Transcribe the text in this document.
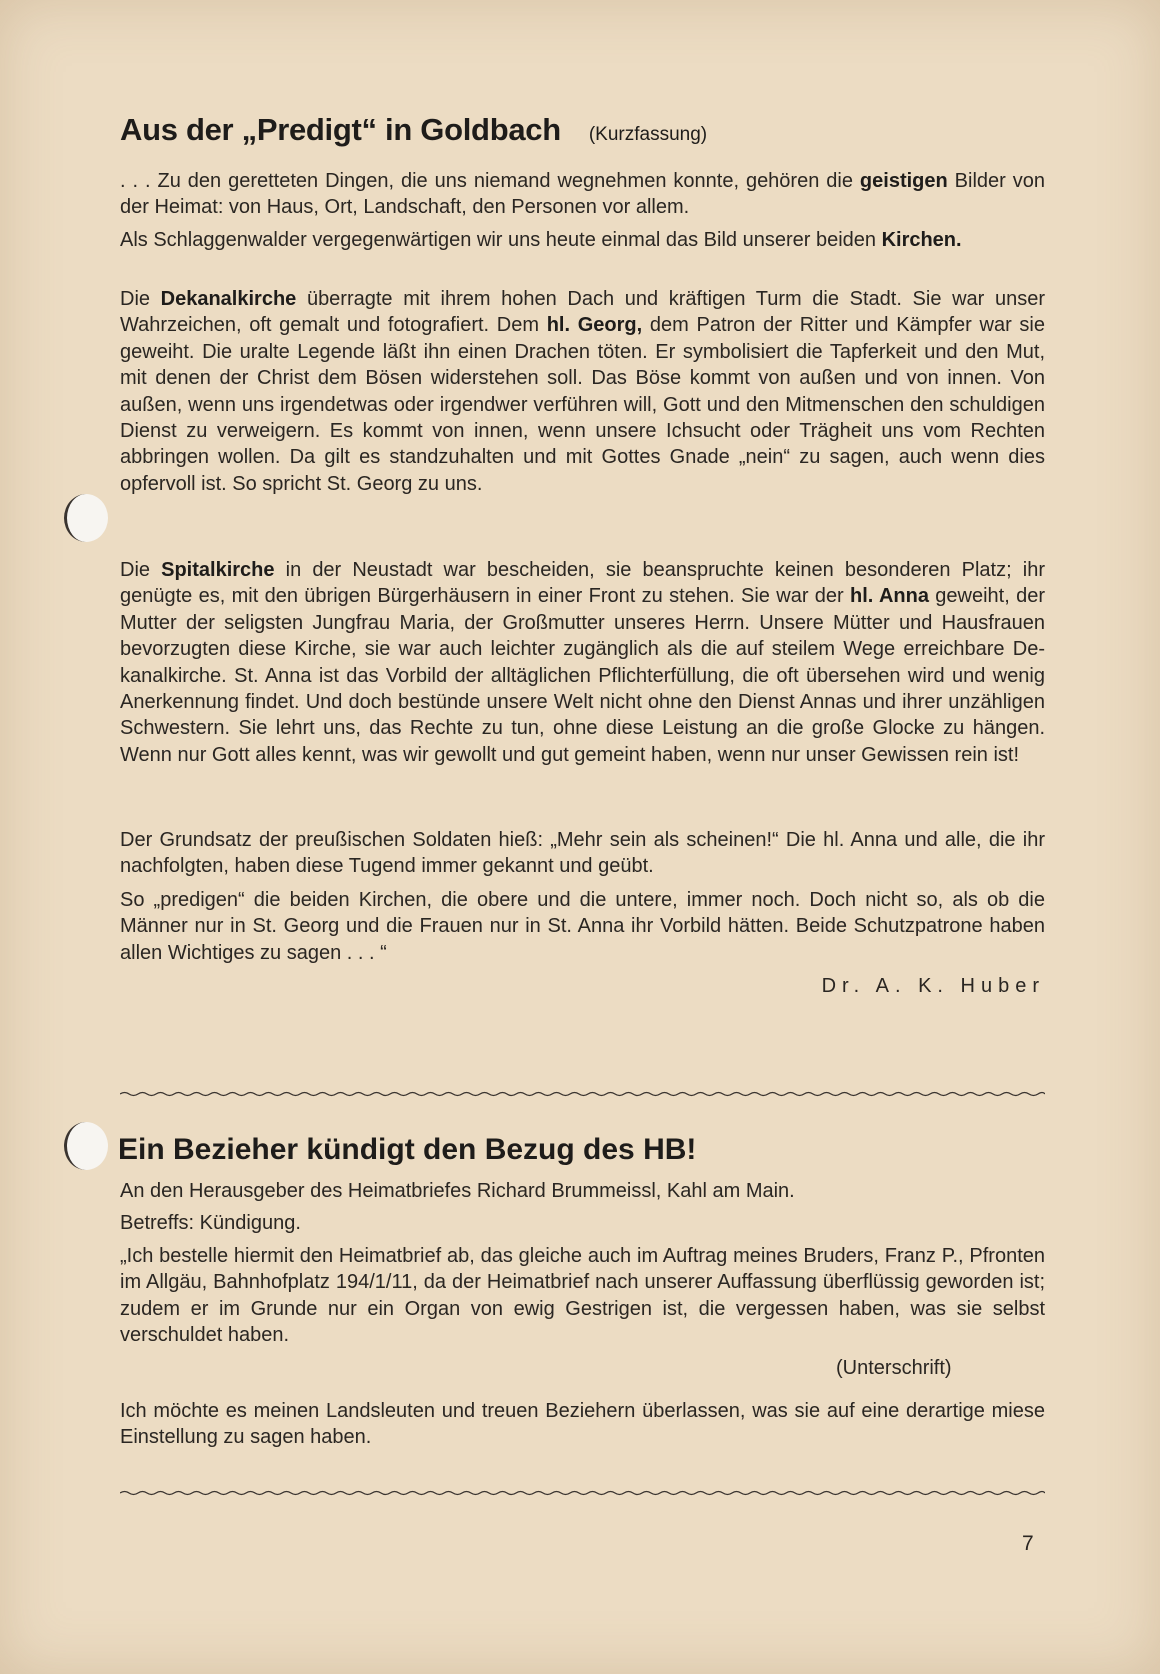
Aus der „Predigt“ in Goldbach (Kurzfassung)

. . . Zu den geretteten Dingen, die uns niemand wegnehmen konnte, gehören die geistigen Bilder von der Heimat: von Haus, Ort, Landschaft, den Personen vor allem.

Als Schlaggenwalder vergegenwärtigen wir uns heute einmal das Bild unserer beiden Kirchen.

Die Dekanalkirche überragte mit ihrem hohen Dach und kräftigen Turm die Stadt. Sie war unser Wahrzeichen, oft gemalt und fotografiert. Dem hl. Georg, dem Patron der Ritter und Kämpfer war sie geweiht. Die uralte Legende läßt ihn einen Drachen töten. Er symbolisiert die Tapferkeit und den Mut, mit denen der Christ dem Bösen widerstehen soll. Das Böse kommt von außen und von innen. Von außen, wenn uns irgendetwas oder irgendwer verführen will, Gott und den Mitmenschen den schuldigen Dienst zu verweigern. Es kommt von innen, wenn unsere Ichsucht oder Trägheit uns vom Rechten abbringen wollen. Da gilt es standzuhalten und mit Gottes Gnade „nein“ zu sagen, auch wenn dies opfervoll ist. So spricht St. Georg zu uns.

Die Spitalkirche in der Neustadt war bescheiden, sie beanspruchte keinen besonderen Platz; ihr genügte es, mit den übrigen Bürgerhäusern in einer Front zu stehen. Sie war der hl. Anna geweiht, der Mutter der seligsten Jungfrau Maria, der Großmutter unseres Herrn. Unsere Mütter und Hausfrauen bevorzugten diese Kirche, sie war auch leichter zugänglich als die auf steilem Wege erreichbare Dekanalkirche. St. Anna ist das Vorbild der alltäglichen Pflichterfüllung, die oft übersehen wird und wenig Anerkennung findet. Und doch bestünde unsere Welt nicht ohne den Dienst Annas und ihrer unzähligen Schwestern. Sie lehrt uns, das Rechte zu tun, ohne diese Leistung an die große Glocke zu hängen. Wenn nur Gott alles kennt, was wir gewollt und gut gemeint haben, wenn nur unser Gewissen rein ist!

Der Grundsatz der preußischen Soldaten hieß: „Mehr sein als scheinen!“ Die hl. Anna und alle, die ihr nachfolgten, haben diese Tugend immer gekannt und geübt.

So „predigen“ die beiden Kirchen, die obere und die untere, immer noch. Doch nicht so, als ob die Männer nur in St. Georg und die Frauen nur in St. Anna ihr Vorbild hätten. Beide Schutzpatrone haben allen Wichtiges zu sagen . . . “

Dr. A. K. Huber
Ein Bezieher kündigt den Bezug des HB!
An den Herausgeber des Heimatbriefes Richard Brummeissl, Kahl am Main.
Betreffs: Kündigung.

„Ich bestelle hiermit den Heimatbrief ab, das gleiche auch im Auftrag meines Bruders, Franz P., Pfronten im Allgäu, Bahnhofplatz 194/1/11, da der Heimatbrief nach unserer Auffassung überflüssig geworden ist; zudem er im Grunde nur ein Organ von ewig Gestrigen ist, die vergessen haben, was sie selbst verschuldet haben.

(Unterschrift)

Ich möchte es meinen Landsleuten und treuen Beziehern überlassen, was sie auf eine derartige miese Einstellung zu sagen haben.

7
